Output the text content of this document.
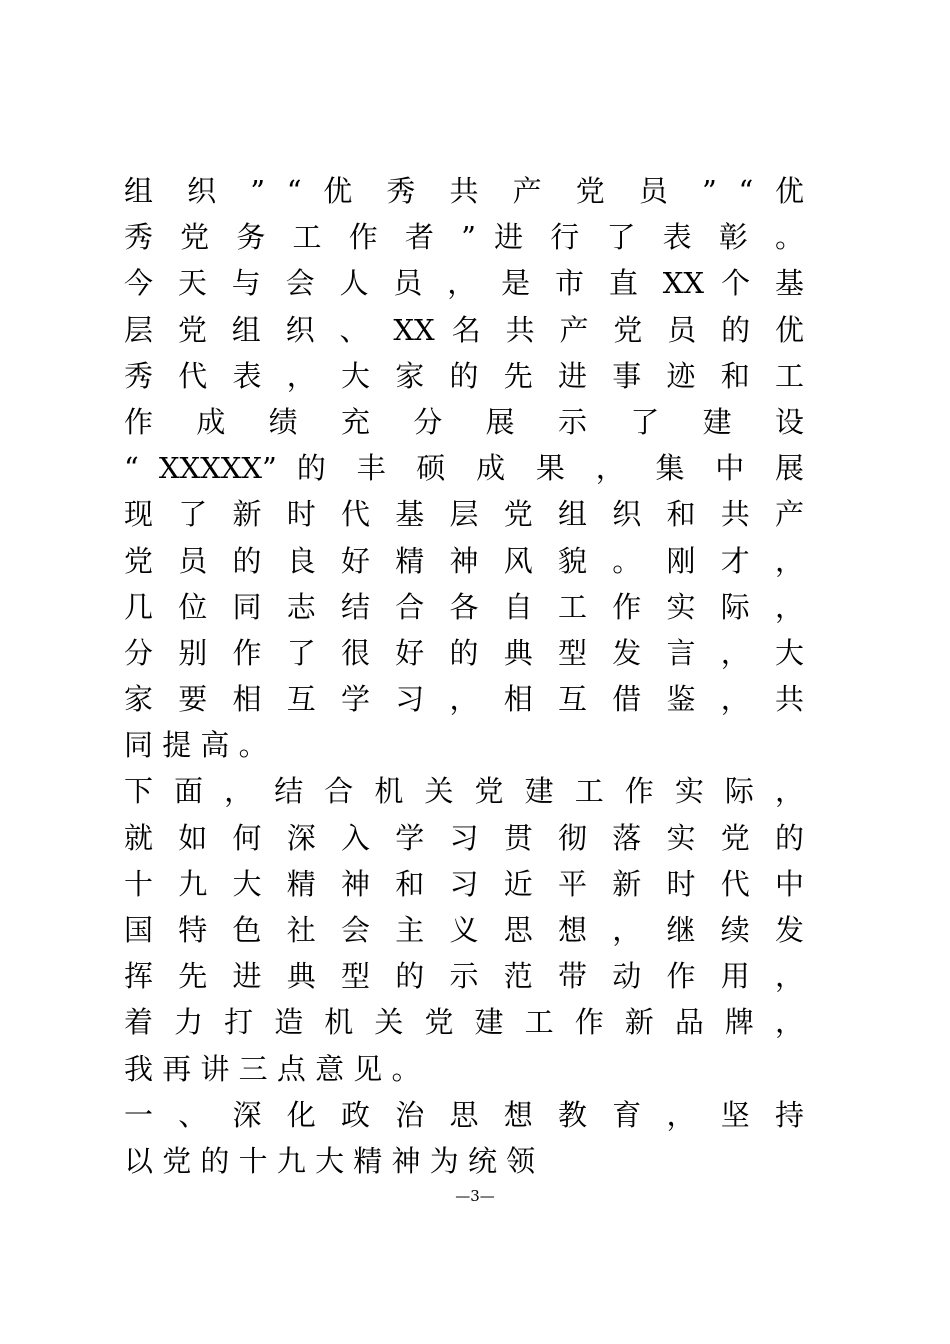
组 织 ” “ 优 秀 共 产 党 员 ” “ 优
秀 党 务 工 作 者 ” 进 行 了 表 彰 。
今 天 与 会 人 员 ， 是 市 直 XX 个 基
层 党 组 织 、 XX 名 共 产 党 员 的 优
秀 代 表 ， 大 家 的 先 进 事 迹 和 工
作 成 绩 充 分 展 示 了 建 设
“ XXXXX” 的 丰 硕 成 果 ， 集 中 展
现 了 新 时 代 基 层 党 组 织 和 共 产
党 员 的 良 好 精 神 风 貌 。 刚 才 ，
几 位 同 志 结 合 各 自 工 作 实 际 ，
分 别 作 了 很 好 的 典 型 发 言 ， 大
家 要 相 互 学 习 ， 相 互 借 鉴 ， 共
同 提 高 。
下 面 ， 结 合 机 关 党 建 工 作 实 际 ，
就 如 何 深 入 学 习 贯 彻 落 实 党 的
十 九 大 精 神 和 习 近 平 新 时 代 中
国 特 色 社 会 主 义 思 想 ， 继 续 发
挥 先 进 典 型 的 示 范 带 动 作 用 ，
着 力 打 造 机 关 党 建 工 作 新 品 牌 ，
我 再 讲 三 点 意 见 。
一 、 深 化 政 治 思 想 教 育 ， 坚 持
以 党 的 十 九 大 精 神 为 统 领
—3—
